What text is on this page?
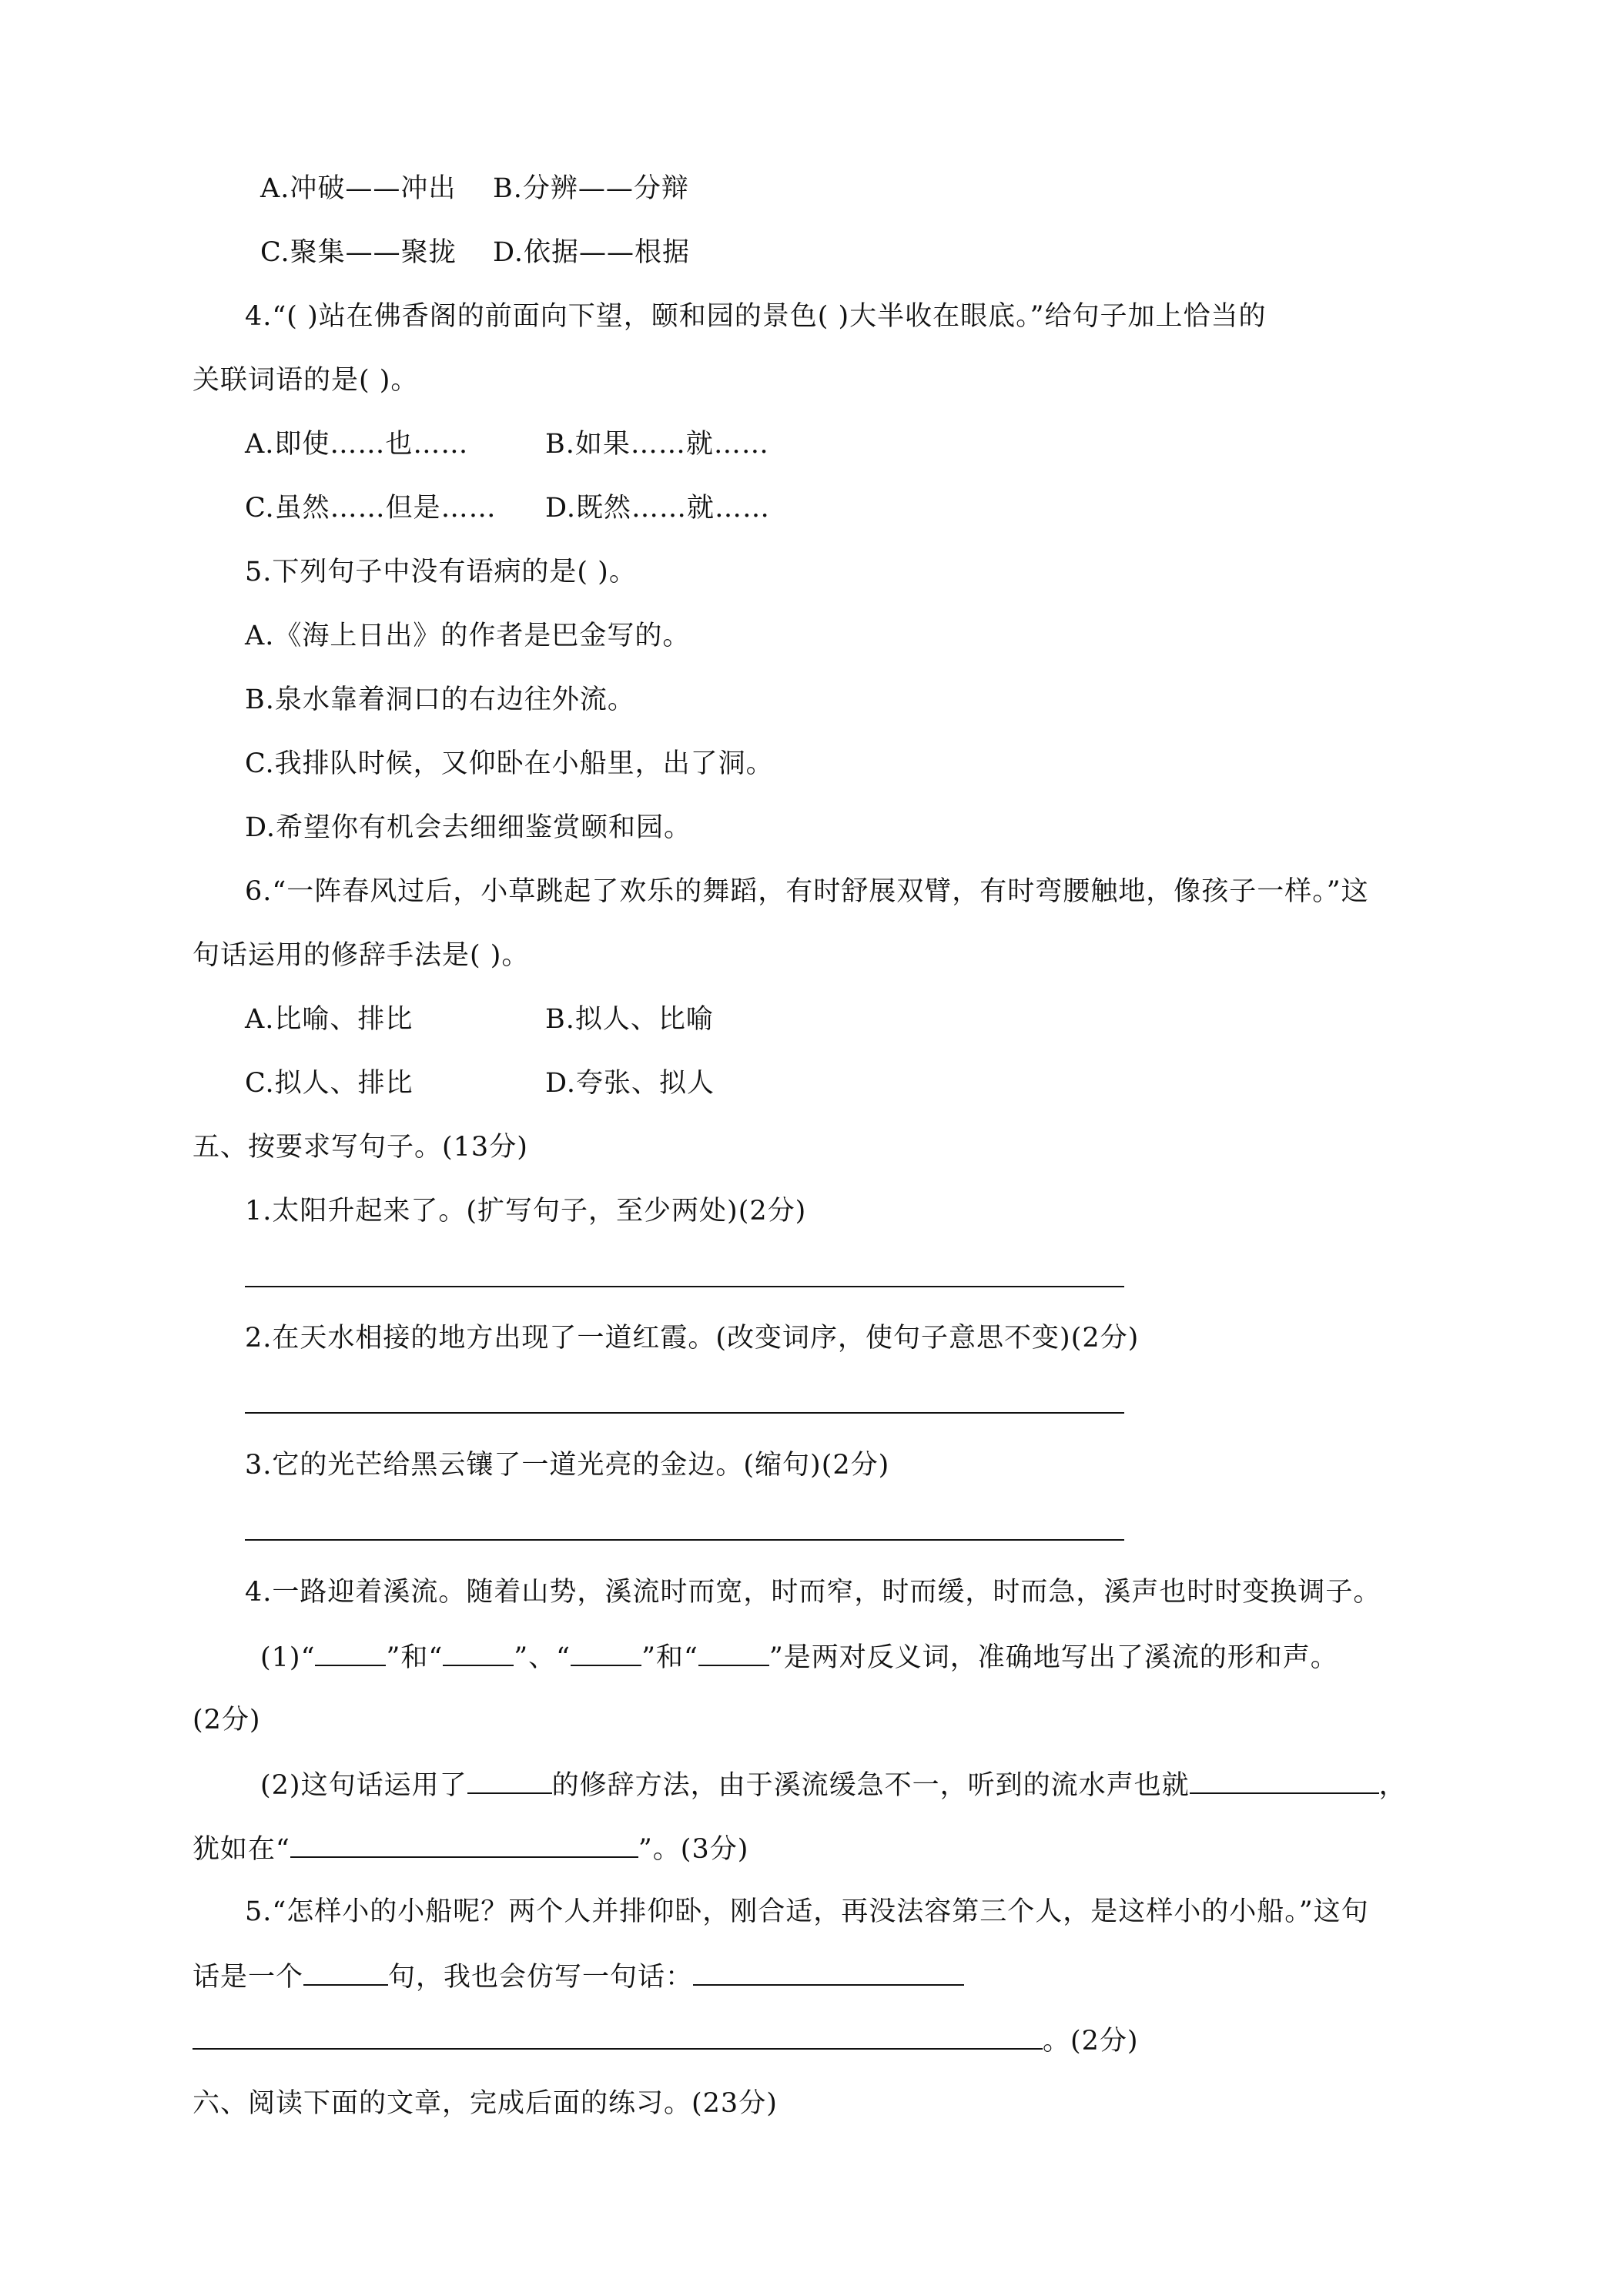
A.冲破——冲出 B.分辨——分辩
C.聚集——聚拢 D.依据——根据
4.“( )站在佛香阁的前面向下望，颐和园的景色( )大半收在眼底。”给句子加上恰当的
关联词语的是( )。
A.即使……也……	B.如果……就……
C.虽然……但是…… D.既然……就……
5.下列句子中没有语病的是( )。
A.《海上日出》的作者是巴金写的。
B.泉水靠着洞口的右边往外流。
C.我排队时候，又仰卧在小船里，出了洞。
D.希望你有机会去细细鉴赏颐和园。
6.“一阵春风过后，小草跳起了欢乐的舞蹈，有时舒展双臂，有时弯腰触地，像孩子一样。”这
句话运用的修辞手法是( )。
A.比喻、排比	B.拟人、比喻
C.拟人、排比	D.夸张、拟人
五、按要求写句子。(13分)
1.太阳升起来了。(扩写句子，至少两处)(2分)
2.在天水相接的地方出现了一道红霞。(改变词序，使句子意思不变)(2分)
3.它的光芒给黑云镶了一道光亮的金边。(缩句)(2分)
4.一路迎着溪流。随着山势，溪流时而宽，时而窄，时而缓，时而急，溪声也时时变换调子。
(1)“	”和“	”、“	”和“	”是两对反义词，准确地写出了溪流的形和声。
(2分)
(2)这句话运用了	的修辞方法，由于溪流缓急不一，听到的流水声也就	，
犹如在“	”。(3分)
5.“怎样小的小船呢？两个人并排仰卧，刚合适，再没法容第三个人，是这样小的小船。”这句
话是一个	句，我也会仿写一句话：
。(2分)
六、阅读下面的文章，完成后面的练习。(23分)
